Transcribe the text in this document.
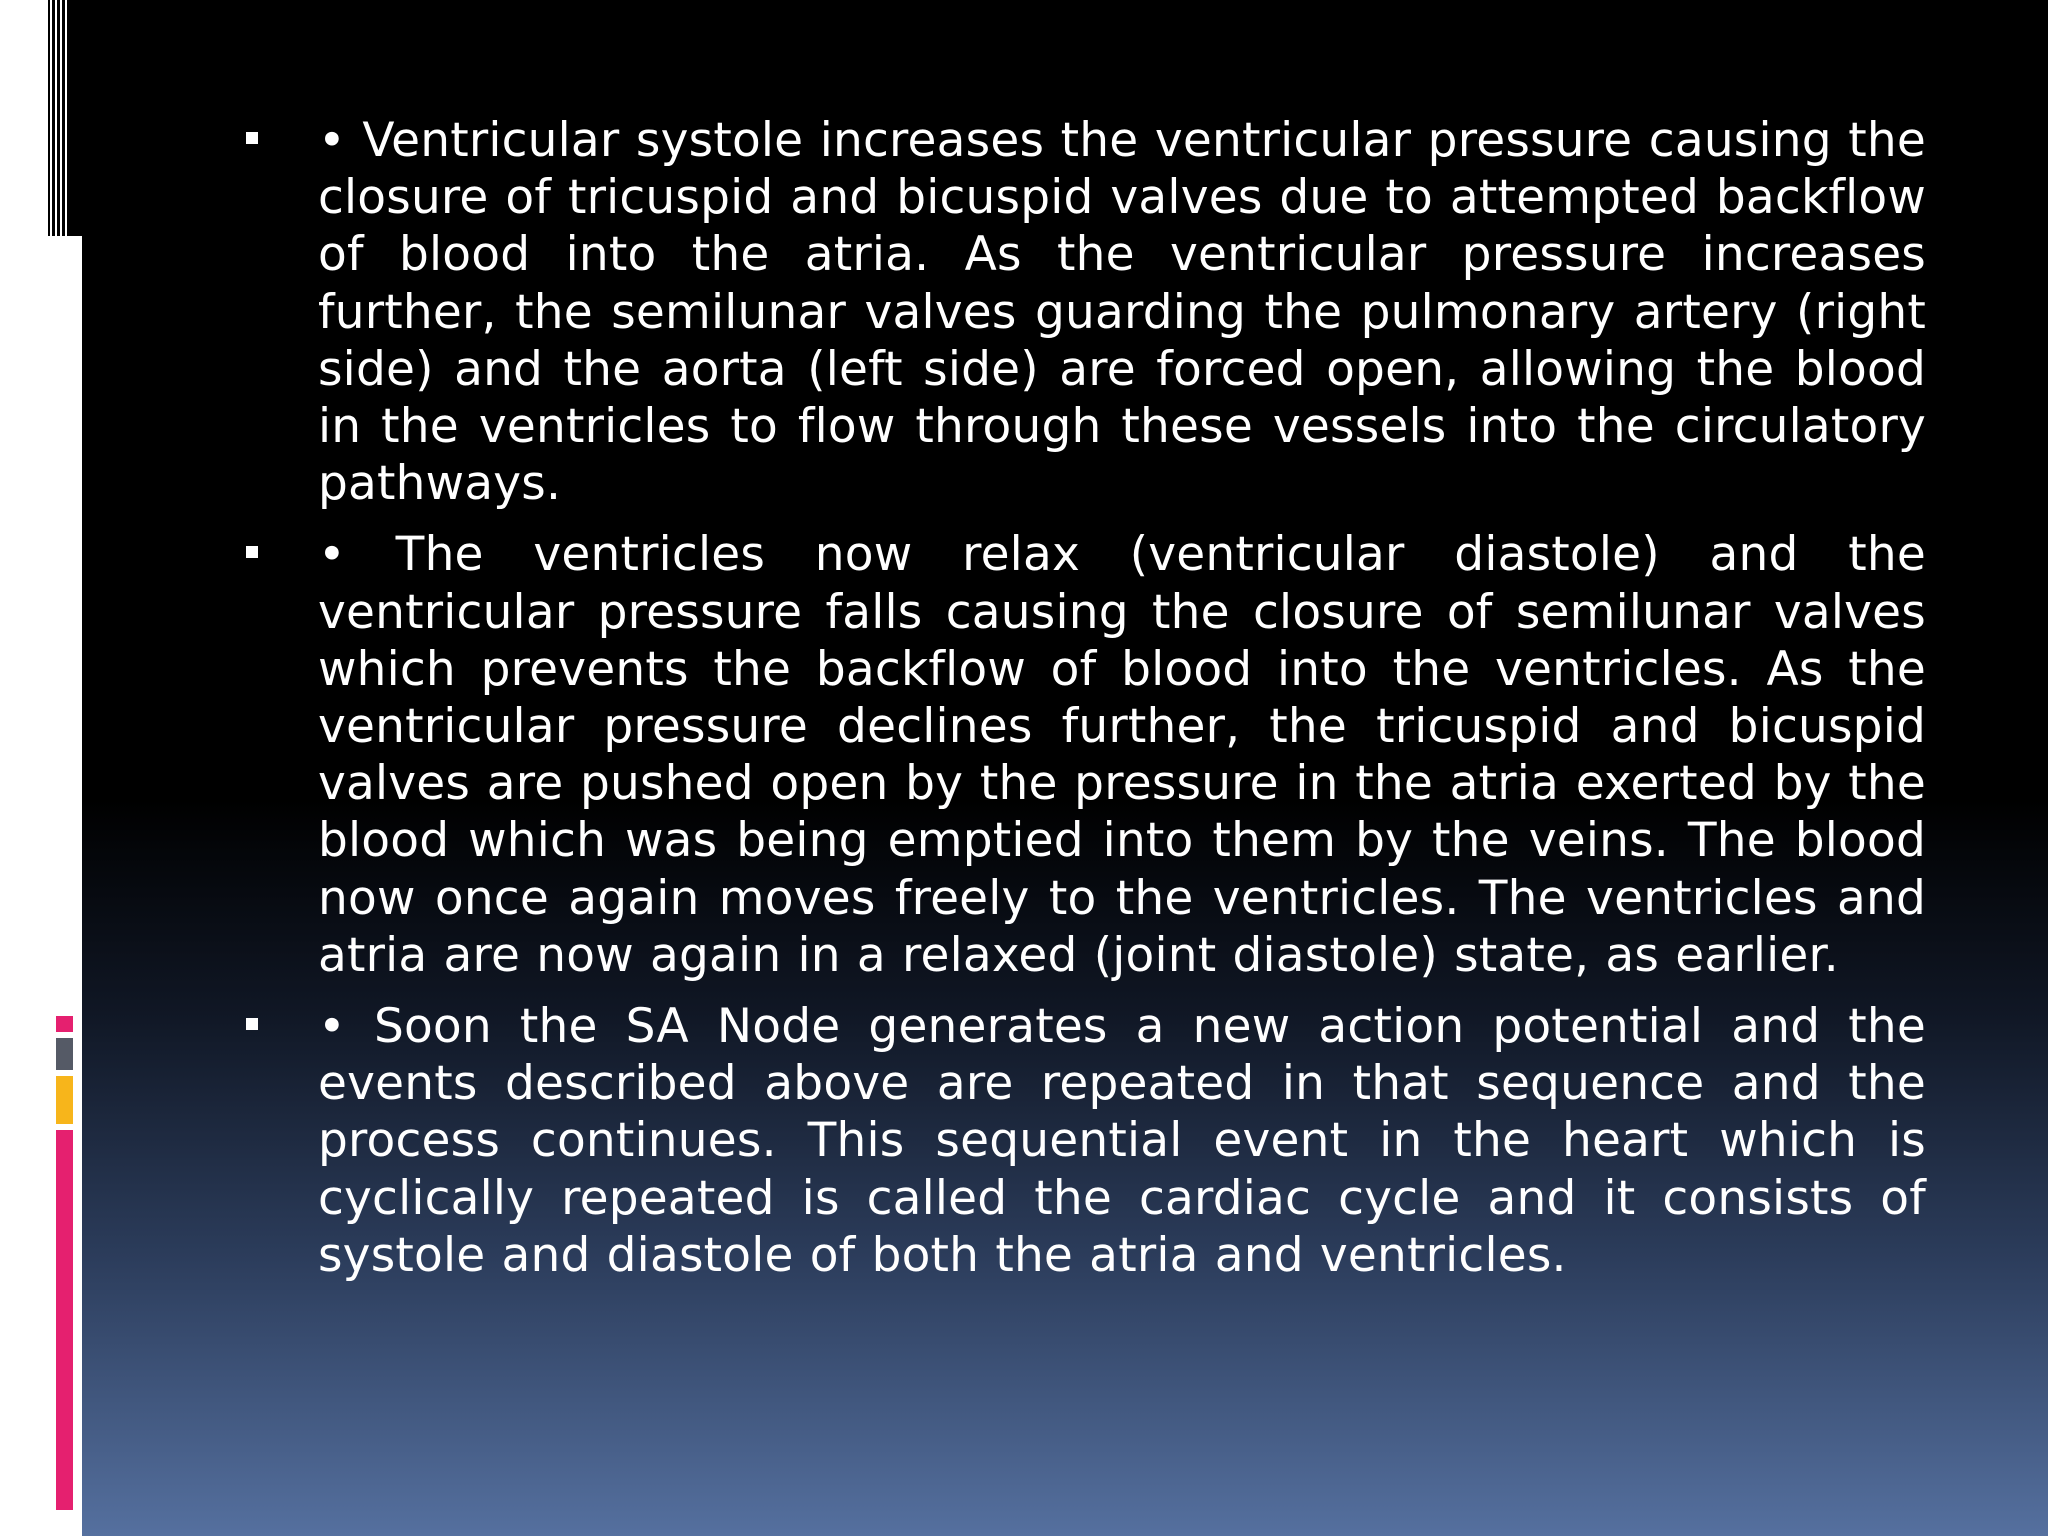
• Ventricular systole increases the ventricular pressure causing the closure of tricuspid and bicuspid valves due to attempted backflow of blood into the atria. As the ventricular pressure increases further, the semilunar valves guarding the pulmonary artery (right side) and the aorta (left side) are forced open, allowing the blood in the ventricles to flow through these vessels into the circulatory pathways.
• The ventricles now relax (ventricular diastole) and the ventricular pressure falls causing the closure of semilunar valves which prevents the backflow of blood into the ventricles. As the ventricular pressure declines further, the tricuspid and bicuspid valves are pushed open by the pressure in the atria exerted by the blood which was being emptied into them by the veins. The blood now once again moves freely to the ventricles. The ventricles and atria are now again in a relaxed (joint diastole) state, as earlier.
• Soon the SA Node generates a new action potential and the events described above are repeated in that sequence and the process continues. This sequential event in the heart which is cyclically repeated is called the cardiac cycle and it consists of systole and diastole of both the atria and ventricles.
